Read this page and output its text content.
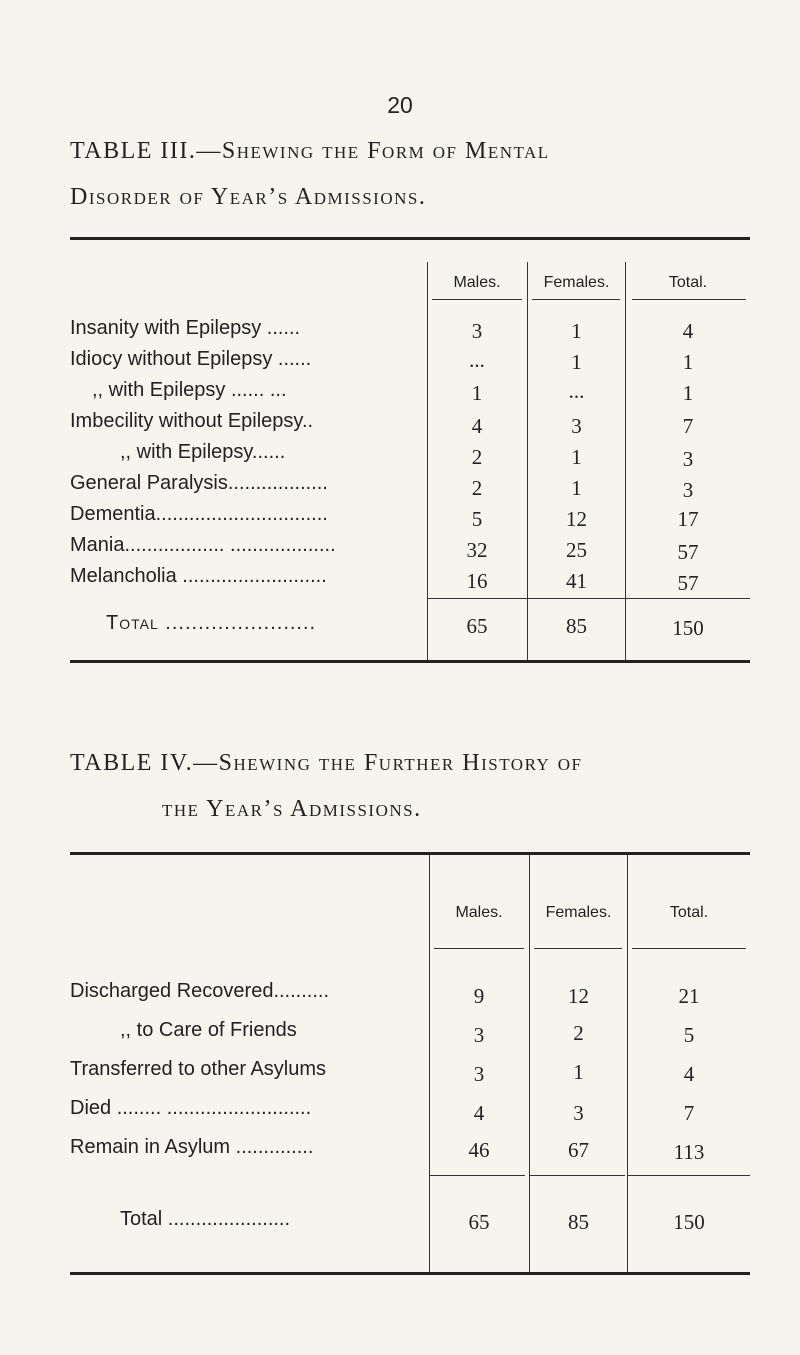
20
TABLE III.—Shewing the Form of Mental
Disorder of Year’s Admissions.
Males.	Females.	Total.
Insanity with Epilepsy ......	3	1	4
Idiocy without Epilepsy ......	...	1	1
,, with Epilepsy ...... ...	1	...	1
Imbecility without Epilepsy..	4	3	7
,, with Epilepsy......	2	1	3
General Paralysis..................	2	1	3
Dementia...............................	5	12	17
Mania.................. ...................	32	25	57
Melancholia ..........................	16	41	57
Total .......................	65	85	150
TABLE IV.—Shewing the Further History of
the Year’s Admissions.
Males.	Females.	Total.
Discharged Recovered..........	9	12	21
,, to Care of Friends	3	2	5
Transferred to other Asylums	3	1	4
Died ........ ..........................	4	3	7
Remain in Asylum ..............	46	67	113
Total ......................	65	85	150
